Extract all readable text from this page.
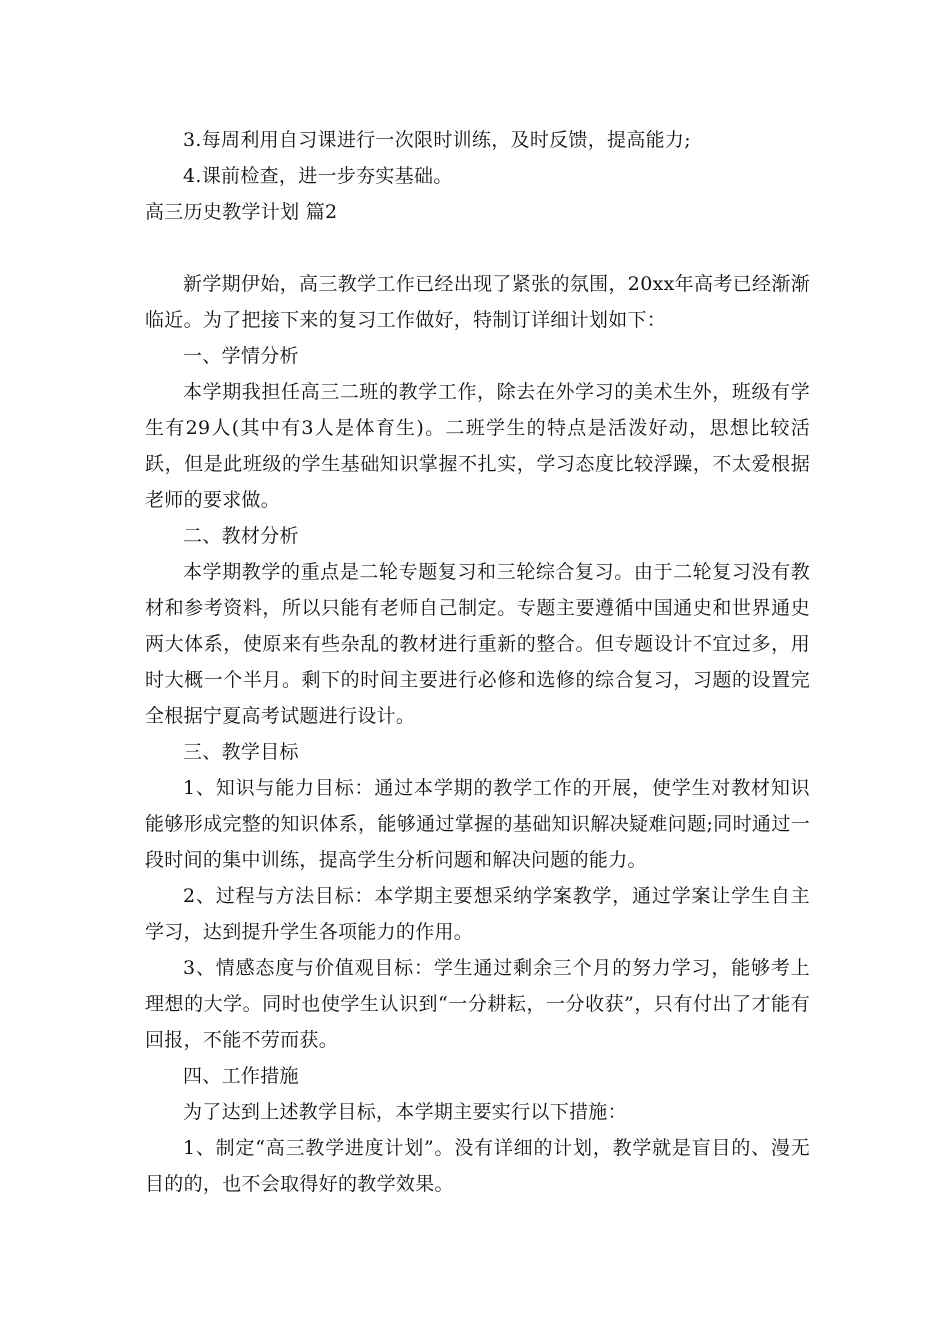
3.每周利用自习课进行一次限时训练，及时反馈，提高能力;

4.课前检查，进一步夯实基础。

高三历史教学计划 篇2

新学期伊始，高三教学工作已经出现了紧张的氛围，20xx年高考已经渐渐临近。为了把接下来的复习工作做好，特制订详细计划如下：

一、学情分析

本学期我担任高三二班的教学工作，除去在外学习的美术生外，班级有学生有29人(其中有3人是体育生)。二班学生的特点是活泼好动，思想比较活跃，但是此班级的学生基础知识掌握不扎实，学习态度比较浮躁，不太爱根据老师的要求做。

二、教材分析

本学期教学的重点是二轮专题复习和三轮综合复习。由于二轮复习没有教材和参考资料，所以只能有老师自己制定。专题主要遵循中国通史和世界通史两大体系，使原来有些杂乱的教材进行重新的整合。但专题设计不宜过多，用时大概一个半月。剩下的时间主要进行必修和选修的综合复习，习题的设置完全根据宁夏高考试题进行设计。

三、教学目标

1、知识与能力目标：通过本学期的教学工作的开展，使学生对教材知识能够形成完整的知识体系，能够通过掌握的基础知识解决疑难问题;同时通过一段时间的集中训练，提高学生分析问题和解决问题的能力。

2、过程与方法目标：本学期主要想采纳学案教学，通过学案让学生自主学习，达到提升学生各项能力的作用。

3、情感态度与价值观目标：学生通过剩余三个月的努力学习，能够考上理想的大学。同时也使学生认识到“一分耕耘，一分收获”，只有付出了才能有回报，不能不劳而获。

四、工作措施

为了达到上述教学目标，本学期主要实行以下措施：

1、制定“高三教学进度计划”。没有详细的计划，教学就是盲目的、漫无目的的，也不会取得好的教学效果。
